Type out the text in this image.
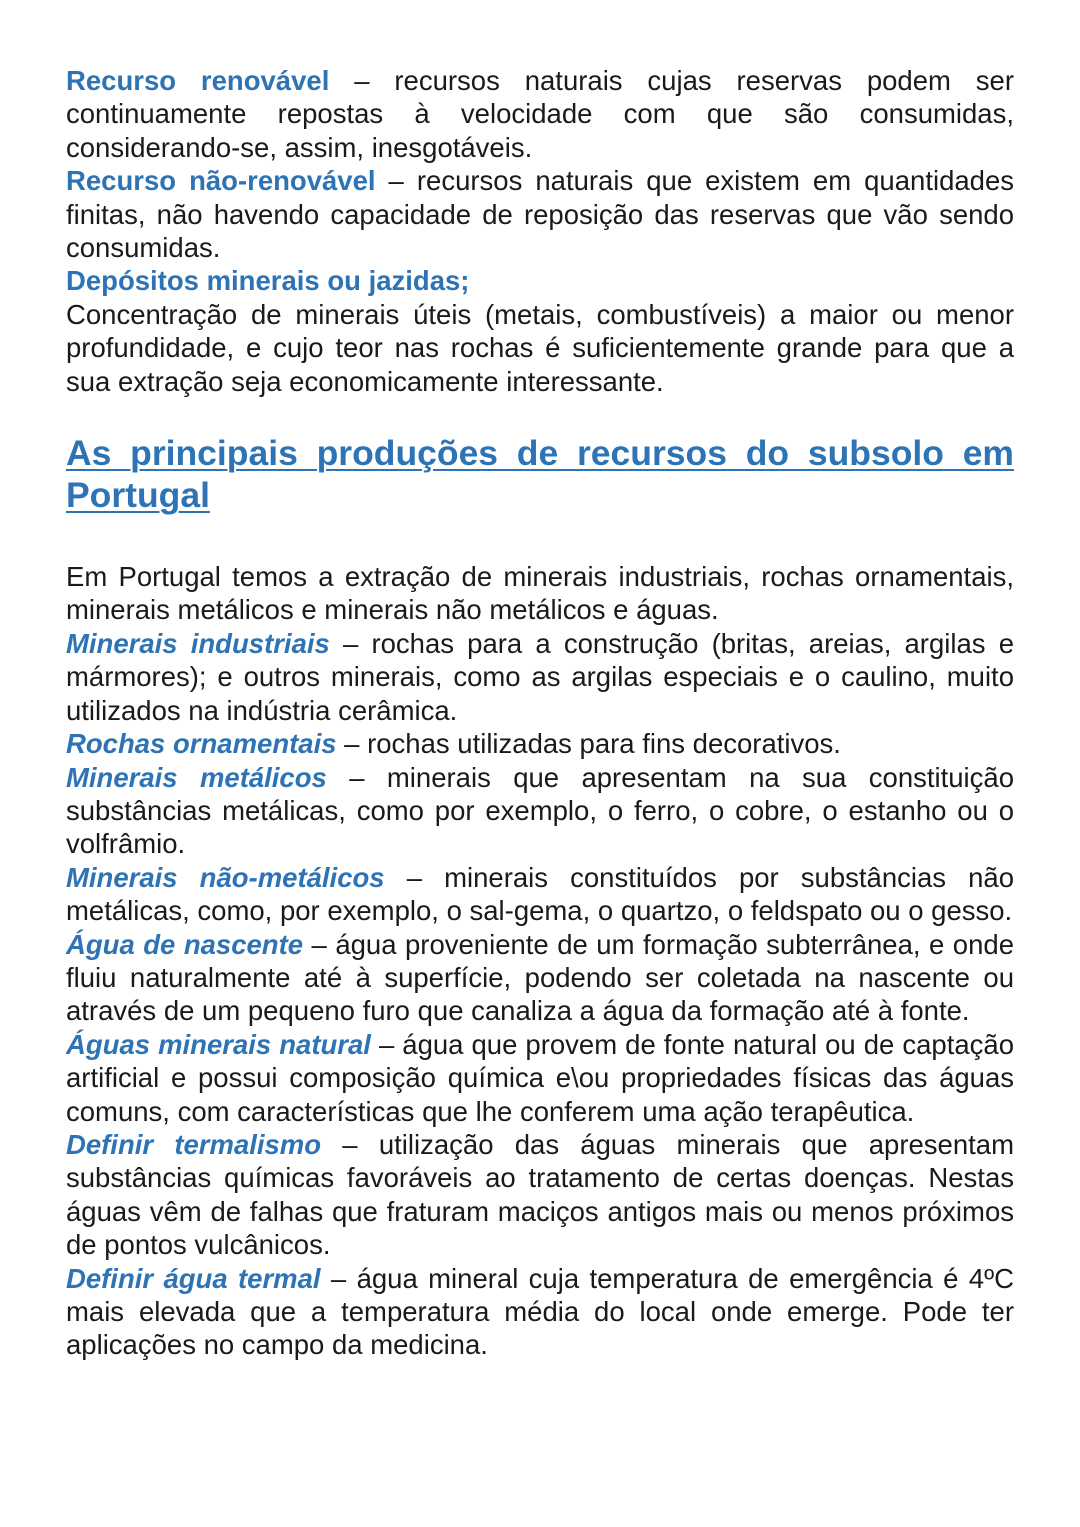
Recurso renovável – recursos naturais cujas reservas podem ser continuamente repostas à velocidade com que são consumidas, considerando-se, assim, inesgotáveis.

Recurso não-renovável – recursos naturais que existem em quantidades finitas, não havendo capacidade de reposição das reservas que vão sendo consumidas.

Depósitos minerais ou jazidas;

Concentração de minerais úteis (metais, combustíveis) a maior ou menor profundidade, e cujo teor nas rochas é suficientemente grande para que a sua extração seja economicamente interessante.

As principais produções de recursos do subsolo em Portugal

Em Portugal temos a extração de minerais industriais, rochas ornamentais, minerais metálicos e minerais não metálicos e águas.

Minerais industriais – rochas para a construção (britas, areias, argilas e mármores); e outros minerais, como as argilas especiais e o caulino, muito utilizados na indústria cerâmica.

Rochas ornamentais – rochas utilizadas para fins decorativos.

Minerais metálicos – minerais que apresentam na sua constituição substâncias metálicas, como por exemplo, o ferro, o cobre, o estanho ou o volfrâmio.

Minerais não-metálicos – minerais constituídos por substâncias não metálicas, como, por exemplo, o sal-gema, o quartzo, o feldspato ou o gesso.

Água de nascente – água proveniente de um formação subterrânea, e onde fluiu naturalmente até à superfície, podendo ser coletada na nascente ou através de um pequeno furo que canaliza a água da formação até à fonte.

Águas minerais natural – água que provem de fonte natural ou de captação artificial e possui composição química e\ou propriedades físicas das águas comuns, com características que lhe conferem uma ação terapêutica.

Definir termalismo – utilização das águas minerais que apresentam substâncias químicas favoráveis ao tratamento de certas doenças. Nestas águas vêm de falhas que fraturam maciços antigos mais ou menos próximos de pontos vulcânicos.

Definir água termal – água mineral cuja temperatura de emergência é 4ºC mais elevada que a temperatura média do local onde emerge. Pode ter aplicações no campo da medicina.
